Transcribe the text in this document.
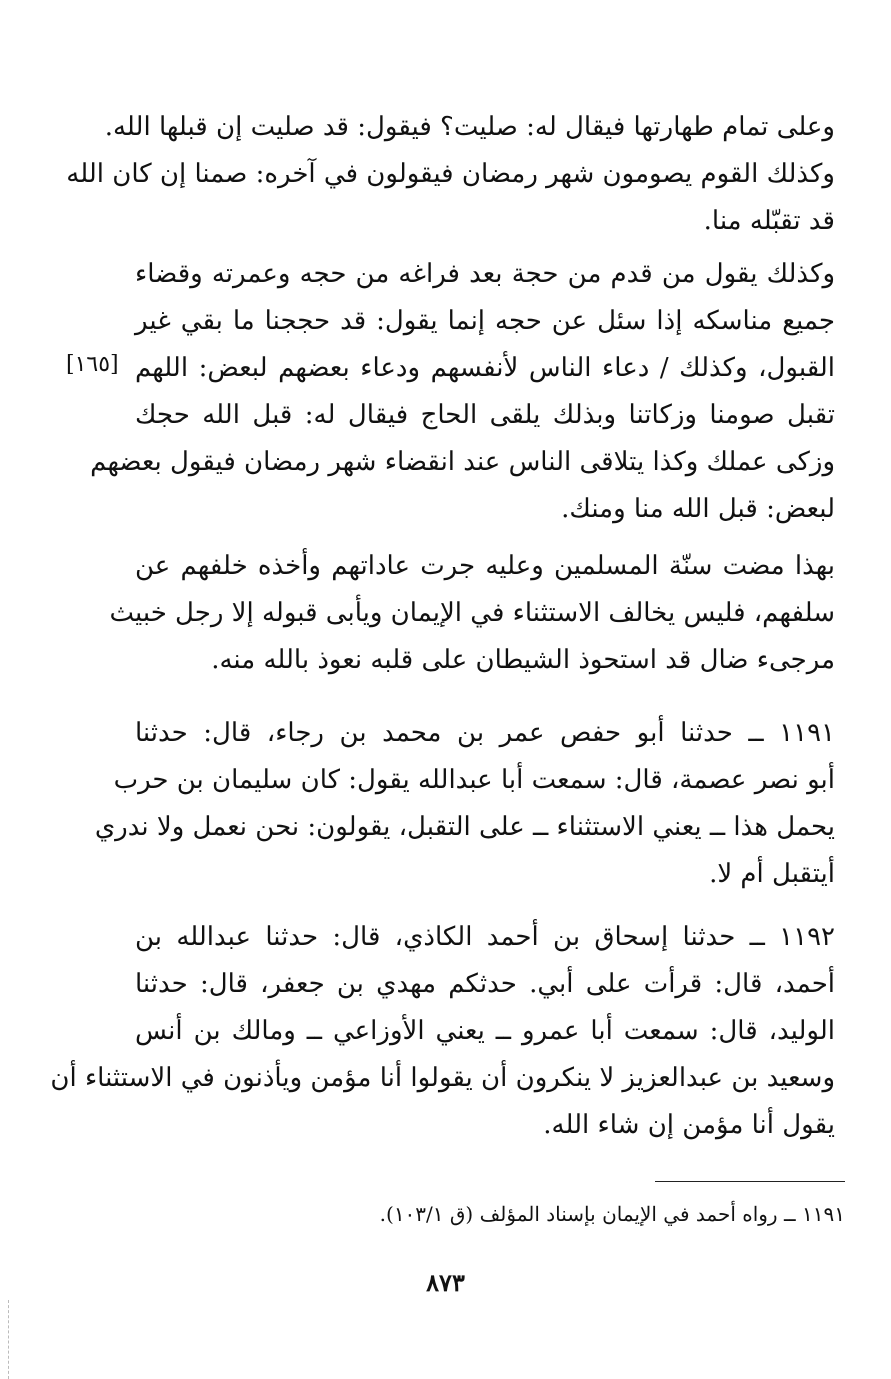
وعلى تمام طهارتها فيقال له: صليت؟ فيقول: قد صليت إن قبلها الله.
وكذلك القوم يصومون شهر رمضان فيقولون في آخره: صمنا إن كان الله
قد تقبّله منا.
وكذلك يقول من قدم من حجة بعد فراغه من حجه وعمرته وقضاء
جميع مناسكه إذا سئل عن حجه إنما يقول: قد حججنا ما بقي غير
القبول، وكذلك / دعاء الناس لأنفسهم ودعاء بعضهم لبعض: اللهم
تقبل صومنا وزكاتنا وبذلك يلقى الحاج فيقال له: قبل الله حجك
وزكى عملك وكذا يتلاقى الناس عند انقضاء شهر رمضان فيقول بعضهم
لبعض: قبل الله منا ومنك.
[١٦٥]
بهذا مضت سنّة المسلمين وعليه جرت عاداتهم وأخذه خلفهم عن
سلفهم، فليس يخالف الاستثناء في الإيمان ويأبى قبوله إلا رجل خبيث
مرجىء ضال قد استحوذ الشيطان على قلبه نعوذ بالله منه.
١١٩١ ــ حدثنا أبو حفص عمر بن محمد بن رجاء، قال: حدثنا
أبو نصر عصمة، قال: سمعت أبا عبدالله يقول: كان سليمان بن حرب
يحمل هذا ــ يعني الاستثناء ــ على التقبل، يقولون: نحن نعمل ولا ندري
أيتقبل أم لا.
١١٩٢ ــ حدثنا إسحاق بن أحمد الكاذي، قال: حدثنا عبدالله بن
أحمد، قال: قرأت على أبي. حدثكم مهدي بن جعفر، قال: حدثنا
الوليد، قال: سمعت أبا عمرو ــ يعني الأوزاعي ــ ومالك بن أنس
وسعيد بن عبدالعزيز لا ينكرون أن يقولوا أنا مؤمن ويأذنون في الاستثناء أن
يقول أنا مؤمن إن شاء الله.
١١٩١ ــ رواه أحمد في الإيمان بإسناد المؤلف (ق ١٠٣/١).
٨٧٣
